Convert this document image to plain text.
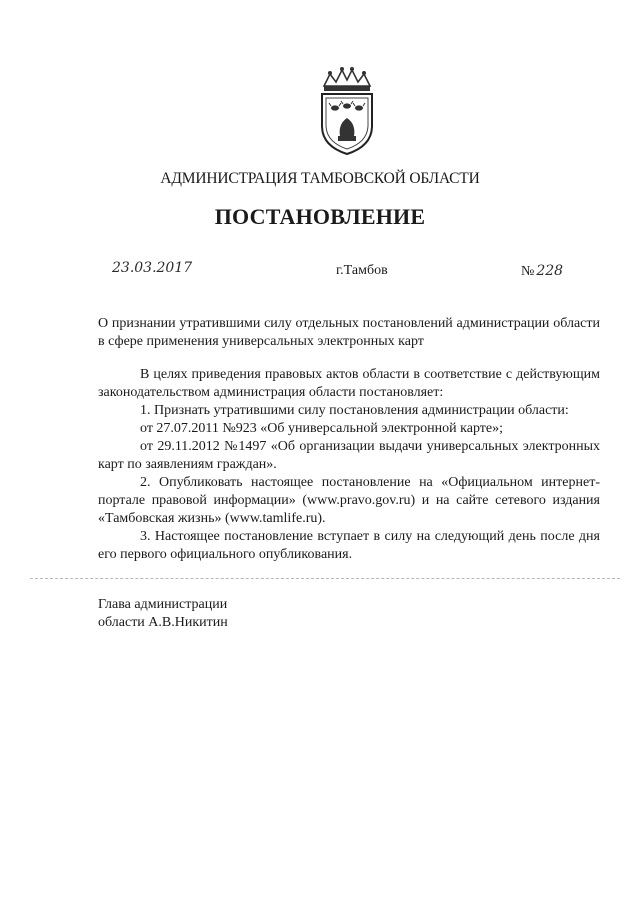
АДМИНИСТРАЦИЯ ТАМБОВСКОЙ ОБЛАСТИ
ПОСТАНОВЛЕНИЕ
23.03.2017	г.Тамбов	№ 228
О признании утратившими силу отдельных постановлений администрации области в сфере применения универсальных электронных карт

В целях приведения правовых актов области в соответствие с действующим законодательством администрация области постановляет:

1. Признать утратившими силу постановления администрации области:

от 27.07.2011 №923 «Об универсальной электронной карте»;

от 29.11.2012 №1497 «Об организации выдачи универсальных электронных карт по заявлениям граждан».

2. Опубликовать настоящее постановление на «Официальном интернет-портале правовой информации» (www.pravo.gov.ru) и на сайте сетевого издания «Тамбовская жизнь» (www.tamlife.ru).

3. Настоящее постановление вступает в силу на следующий день после дня его первого официального опубликования.

Глава администрации
области А.В.Никитин
